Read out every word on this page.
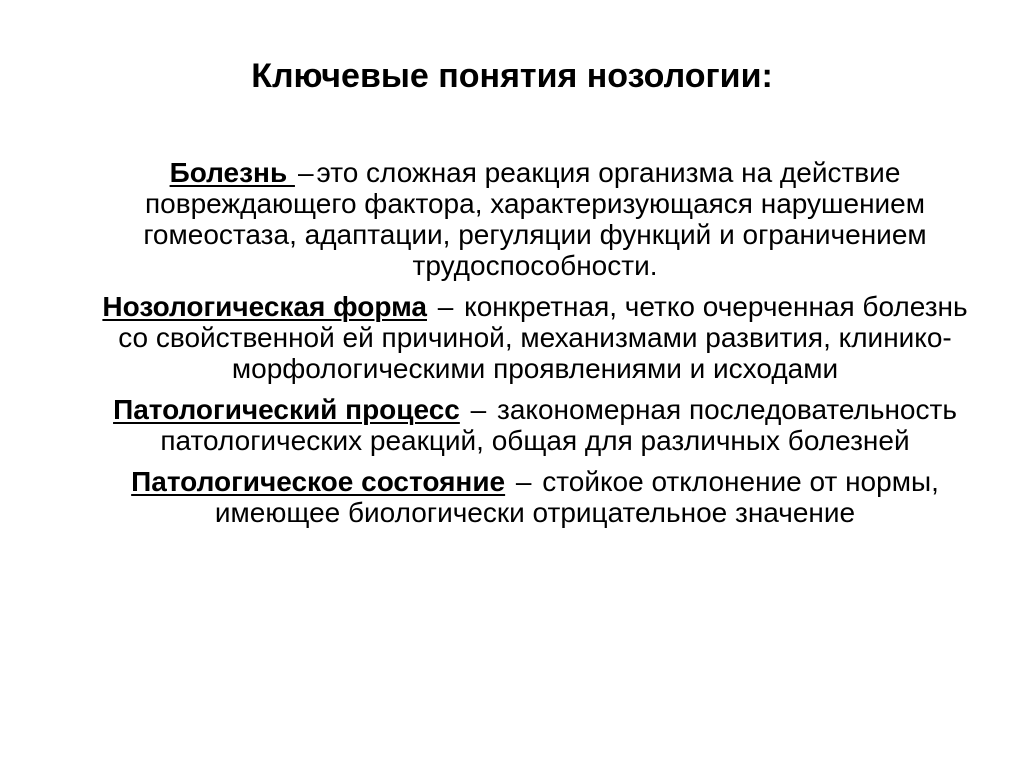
Ключевые понятия нозологии:
Болезнь – это сложная реакция организма на действие повреждающего фактора, характеризующаяся нарушением гомеостаза, адаптации, регуляции функций и ограничением трудоспособности.
Нозологическая форма – конкретная, четко очерченная болезнь со свойственной ей причиной, механизмами развития, клинико-морфологическими проявлениями и исходами
Патологический процесс – закономерная последовательность патологических реакций, общая для различных болезней
Патологическое состояние – стойкое отклонение от нормы, имеющее биологически отрицательное значение
